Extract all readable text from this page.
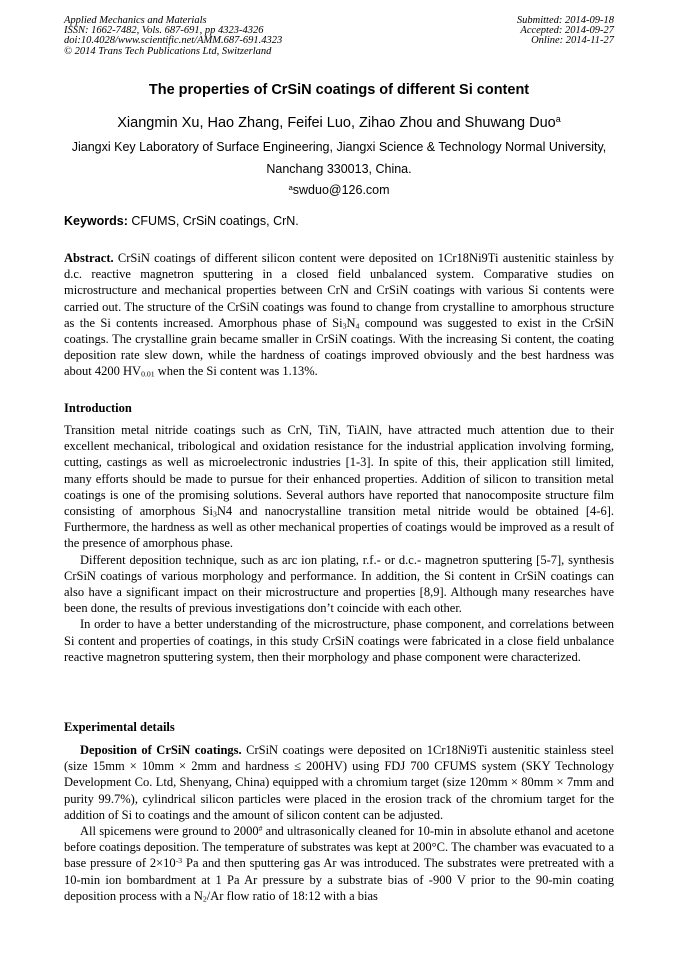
Applied Mechanics and Materials
ISSN: 1662-7482, Vols. 687-691, pp 4323-4326
doi:10.4028/www.scientific.net/AMM.687-691.4323
© 2014 Trans Tech Publications Ltd, Switzerland
Submitted: 2014-09-18
Accepted: 2014-09-27
Online: 2014-11-27
The properties of CrSiN coatings of different Si content
Xiangmin Xu, Hao Zhang, Feifei Luo, Zihao Zhou and Shuwang Duo$^a$
Jiangxi Key Laboratory of Surface Engineering, Jiangxi Science & Technology Normal University,
Nanchang 330013, China.
$^a$swduo@126.com
Keywords: CFUMS, CrSiN coatings, CrN.

Abstract. CrSiN coatings of different silicon content were deposited on 1Cr18Ni9Ti austenitic stainless by d.c. reactive magnetron sputtering in a closed field unbalanced system. Comparative studies on microstructure and mechanical properties between CrN and CrSiN coatings with various Si contents were carried out. The structure of the CrSiN coatings was found to change from crystalline to amorphous structure as the Si contents increased. Amorphous phase of $Si_3N_4$ compound was suggested to exist in the CrSiN coatings. The crystalline grain became smaller in CrSiN coatings. With the increasing Si content, the coating deposition rate slew down, while the hardness of coatings improved obviously and the best hardness was about 4200 $HV_{0.01}$ when the Si content was 1.13%.

Introduction

Transition metal nitride coatings such as CrN, TiN, TiAlN, have attracted much attention due to their excellent mechanical, tribological and oxidation resistance for the industrial application involving forming, cutting, castings as well as microelectronic industries [1-3]. In spite of this, their application still limited, many efforts should be made to pursue for their enhanced properties. Addition of silicon to transition metal coatings is one of the promising solutions. Several authors have reported that nanocomposite structure film consisting of amorphous $Si_3N4$ and nanocrystalline transition metal nitride would be obtained [4-6]. Furthermore, the hardness as well as other mechanical properties of coatings would be improved as a result of the presence of amorphous phase.

Different deposition technique, such as arc ion plating, r.f.- or d.c.- magnetron sputtering [5-7], synthesis CrSiN coatings of various morphology and performance. In addition, the Si content in CrSiN coatings can also have a significant impact on their microstructure and properties [8,9]. Although many researches have been done, the results of previous investigations don’t coincide with each other.

In order to have a better understanding of the microstructure, phase component, and correlations between Si content and properties of coatings, in this study CrSiN coatings were fabricated in a close field unbalance reactive magnetron sputtering system, then their morphology and phase component were characterized.

Experimental details

Deposition of CrSiN coatings. CrSiN coatings were deposited on 1Cr18Ni9Ti austenitic stainless steel (size 15mm × 10mm × 2mm and hardness ≤ 200HV) using FDJ 700 CFUMS system (SKY Technology Development Co. Ltd, Shenyang, China) equipped with a chromium target (size 120mm × 80mm × 7mm and purity 99.7%), cylindrical silicon particles were placed in the erosion track of the chromium target for the addition of Si to coatings and the amount of silicon content can be adjusted.

All spicemens were ground to 2000# and ultrasonically cleaned for 10-min in absolute ethanol and acetone before coatings deposition. The temperature of substrates was kept at 200°C. The chamber was evacuated to a base pressure of $2\times 10^{-3}$ Pa and then sputtering gas Ar was introduced. The substrates were pretreated with a 10-min ion bombardment at 1 Pa Ar pressure by a substrate bias of -900 V prior to the 90-min coating deposition process with a $N_2/Ar$ flow ratio of 18:12 with a bias
